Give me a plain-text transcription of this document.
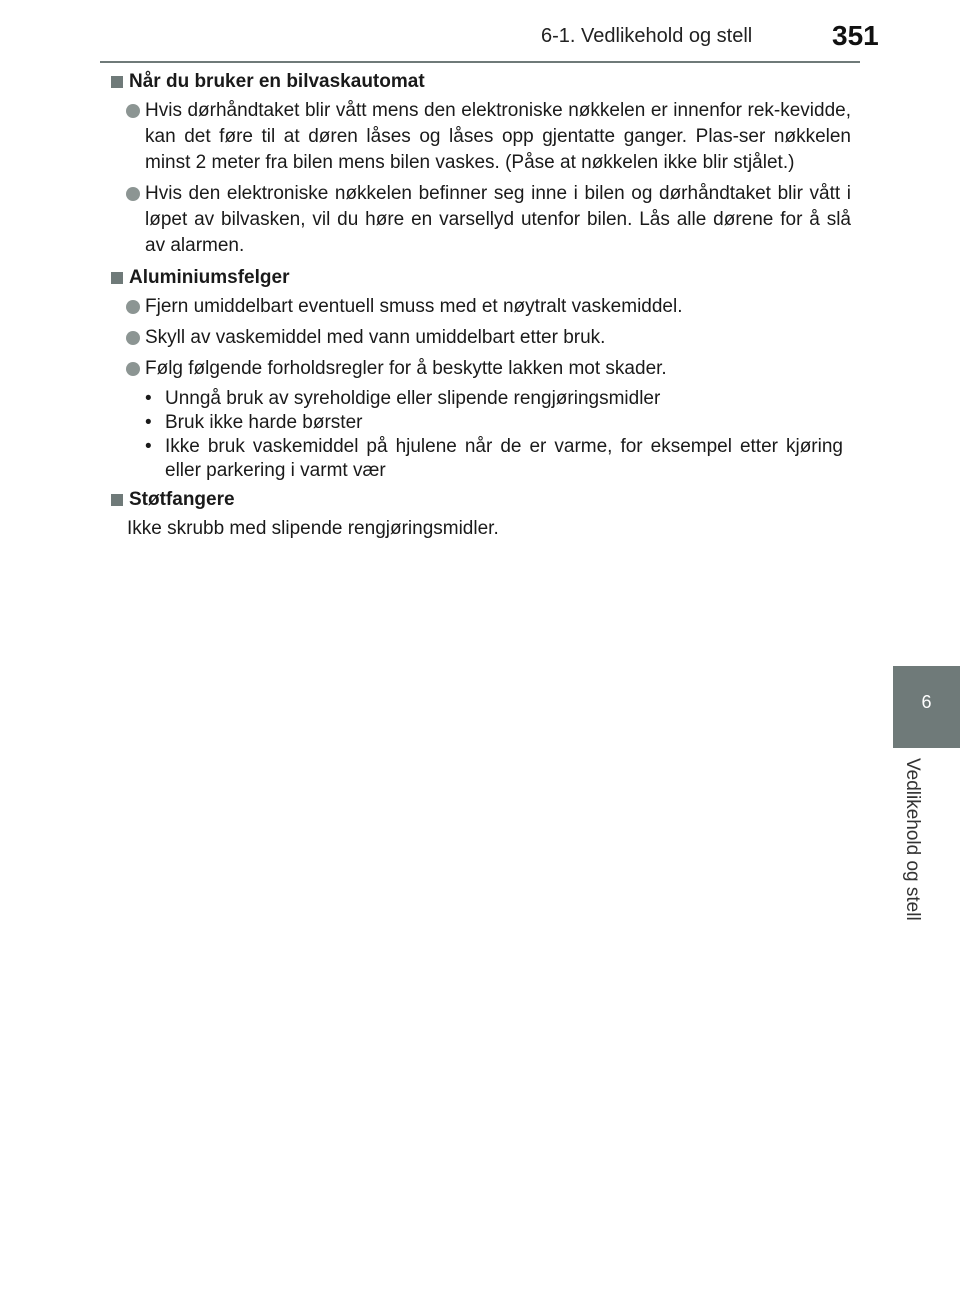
6-1. Vedlikehold og stell	351
6
Vedlikehold og stell
Når du bruker en bilvaskautomat
Hvis dørhåndtaket blir vått mens den elektroniske nøkkelen er innenfor rek-kevidde, kan det føre til at døren låses og låses opp gjentatte ganger. Plas-ser nøkkelen minst 2 meter fra bilen mens bilen vaskes. (Påse at nøkkelen ikke blir stjålet.)
Hvis den elektroniske nøkkelen befinner seg inne i bilen og dørhåndtaket blir vått i løpet av bilvasken, vil du høre en varsellyd utenfor bilen. Lås alle dørene for å slå av alarmen.
Aluminiumsfelger
Fjern umiddelbart eventuell smuss med et nøytralt vaskemiddel.
Skyll av vaskemiddel med vann umiddelbart etter bruk.
Følg følgende forholdsregler for å beskytte lakken mot skader.
• Unngå bruk av syreholdige eller slipende rengjøringsmidler
• Bruk ikke harde børster
• Ikke bruk vaskemiddel på hjulene når de er varme, for eksempel etter kjøring eller parkering i varmt vær
Støtfangere
Ikke skrubb med slipende rengjøringsmidler.
